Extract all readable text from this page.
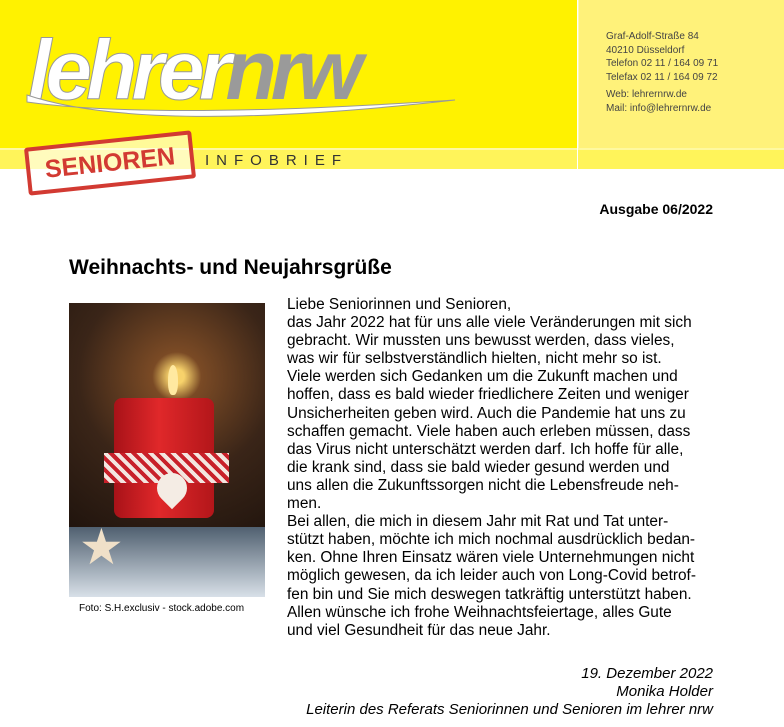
lehrernrw	Graf-Adolf-Straße 84
40210 Düsseldorf
Telefon 02 11 / 164 09 71
Telefax 02 11 / 164 09 72
Web: lehrernrw.de
Mail: info@lehrernrw.de
SENIOREN	INFOBRIEF
Ausgabe 06/2022
Weihnachts- und Neujahrsgrüße
★
Foto: S.H.exclusiv - stock.adobe.com
Liebe Seniorinnen und Senioren,
das Jahr 2022 hat für uns alle viele Veränderungen mit sich
gebracht. Wir mussten uns bewusst werden, dass vieles,
was wir für selbstverständlich hielten, nicht mehr so ist.
Viele werden sich Gedanken um die Zukunft machen und
hoffen, dass es bald wieder friedlichere Zeiten und weniger
Unsicherheiten geben wird. Auch die Pandemie hat uns zu
schaffen gemacht. Viele haben auch erleben müssen, dass
das Virus nicht unterschätzt werden darf. Ich hoffe für alle,
die krank sind, dass sie bald wieder gesund werden und
uns allen die Zukunftssorgen nicht die Lebensfreude neh-
men.
Bei allen, die mich in diesem Jahr mit Rat und Tat unter-
stützt haben, möchte ich mich nochmal ausdrücklich bedan-
ken. Ohne Ihren Einsatz wären viele Unternehmungen nicht
möglich gewesen, da ich leider auch von Long-Covid betrof-
fen bin und Sie mich deswegen tatkräftig unterstützt haben.
Allen wünsche ich frohe Weihnachtsfeiertage, alles Gute
und viel Gesundheit für das neue Jahr.
19. Dezember 2022
Monika Holder
Leiterin des Referats Seniorinnen und Senioren im lehrer nrw
